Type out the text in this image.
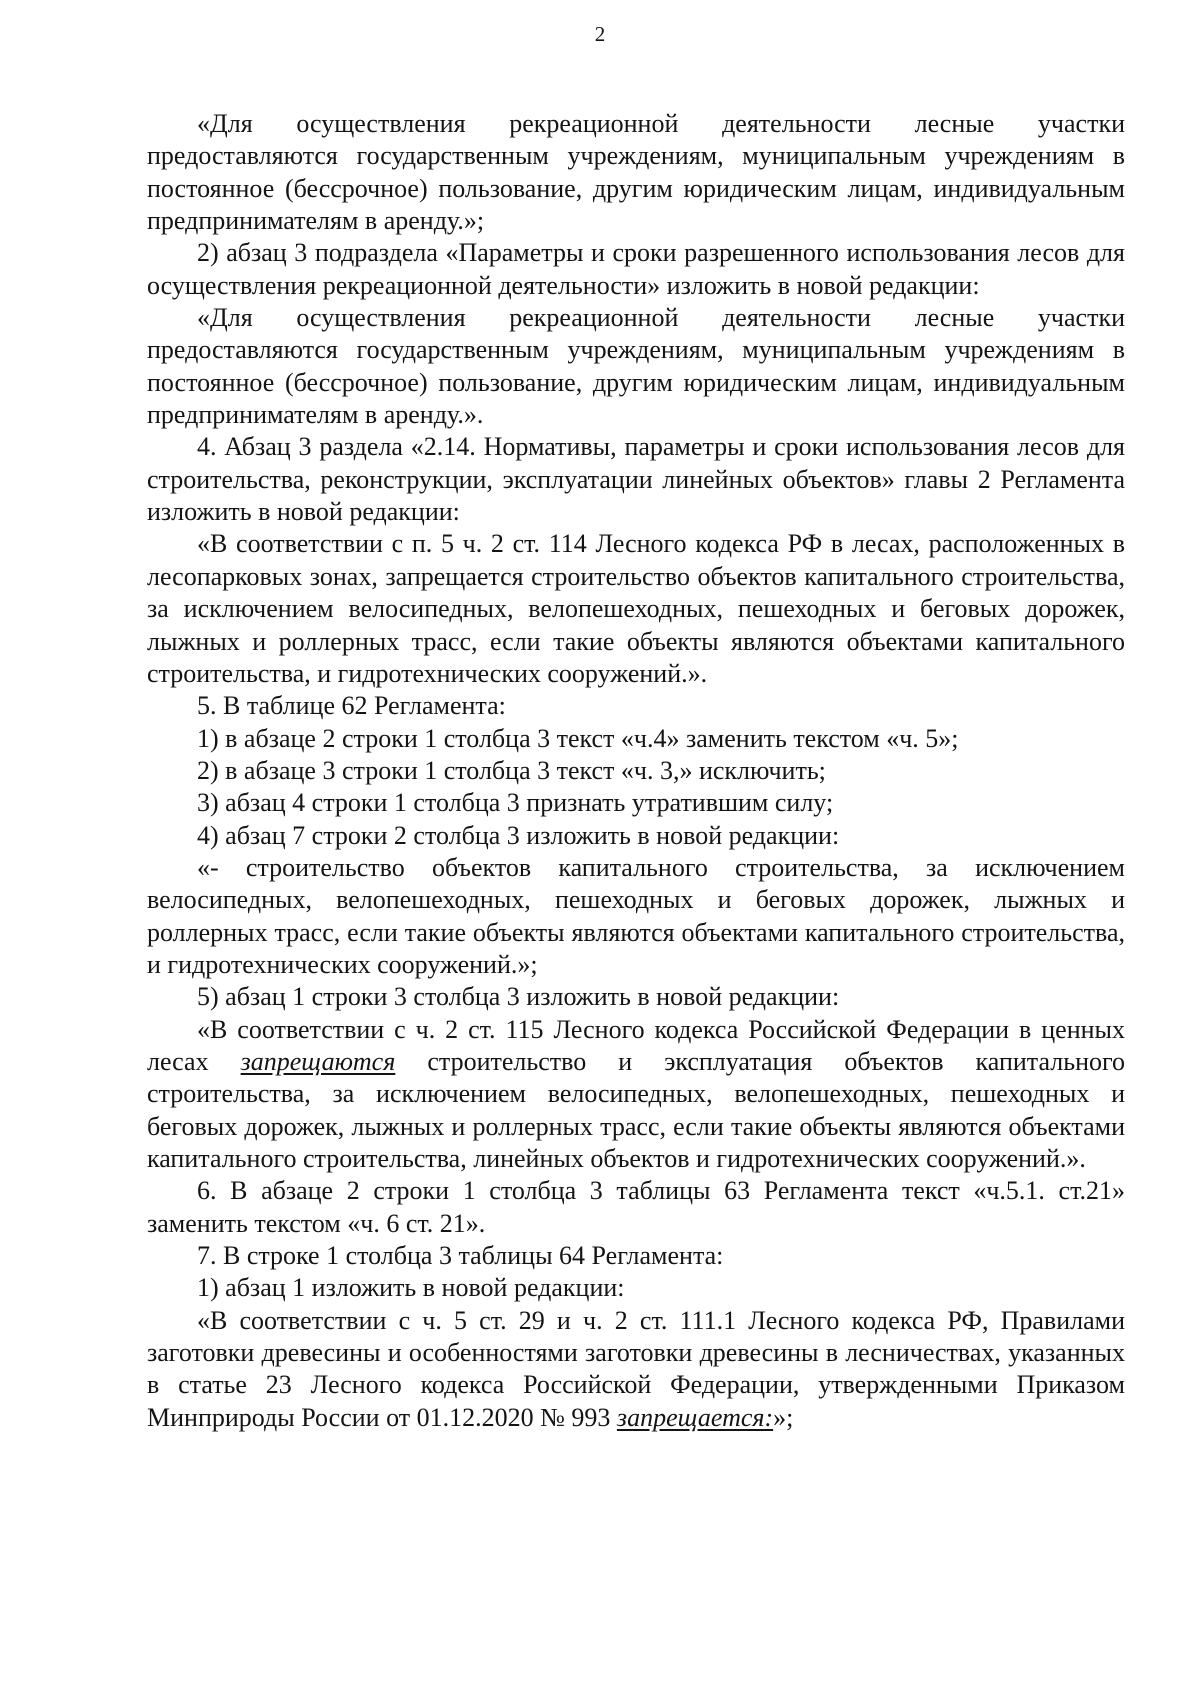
2

«Для осуществления рекреационной деятельности лесные участки предоставляются государственным учреждениям, муниципальным учреждениям в постоянное (бессрочное) пользование, другим юридическим лицам, индивидуальным предпринимателям в аренду.»;

2) абзац 3 подраздела «Параметры и сроки разрешенного использования лесов для осуществления рекреационной деятельности» изложить в новой редакции:

«Для осуществления рекреационной деятельности лесные участки предоставляются государственным учреждениям, муниципальным учреждениям в постоянное (бессрочное) пользование, другим юридическим лицам, индивидуальным предпринимателям в аренду.».

4. Абзац 3 раздела «2.14. Нормативы, параметры и сроки использования лесов для строительства, реконструкции, эксплуатации линейных объектов» главы 2 Регламента изложить в новой редакции:

«В соответствии с п. 5 ч. 2 ст. 114 Лесного кодекса РФ в лесах, расположенных в лесопарковых зонах, запрещается строительство объектов капитального строительства, за исключением велосипедных, велопешеходных, пешеходных и беговых дорожек, лыжных и роллерных трасс, если такие объекты являются объектами капитального строительства, и гидротехнических сооружений.».

5. В таблице 62 Регламента:

1) в абзаце 2 строки 1 столбца 3 текст «ч.4» заменить текстом «ч. 5»;

2) в абзаце 3 строки 1 столбца 3 текст «ч. 3,» исключить;

3) абзац 4 строки 1 столбца 3 признать утратившим силу;

4) абзац 7 строки 2 столбца 3 изложить в новой редакции:

«- строительство объектов капитального строительства, за исключением велосипедных, велопешеходных, пешеходных и беговых дорожек, лыжных и роллерных трасс, если такие объекты являются объектами капитального строительства, и гидротехнических сооружений.»;

5) абзац 1 строки 3 столбца 3 изложить в новой редакции:

«В соответствии с ч. 2 ст. 115 Лесного кодекса Российской Федерации в ценных лесах запрещаются строительство и эксплуатация объектов капитального строительства, за исключением велосипедных, велопешеходных, пешеходных и беговых дорожек, лыжных и роллерных трасс, если такие объекты являются объектами капитального строительства, линейных объектов и гидротехнических сооружений.».

6. В абзаце 2 строки 1 столбца 3 таблицы 63 Регламента текст «ч.5.1. ст.21» заменить текстом «ч. 6 ст. 21».

7. В строке 1 столбца 3 таблицы 64 Регламента:

1) абзац 1 изложить в новой редакции:

«В соответствии с ч. 5 ст. 29 и ч. 2 ст. 111.1 Лесного кодекса РФ, Правилами заготовки древесины и особенностями заготовки древесины в лесничествах, указанных в статье 23 Лесного кодекса Российской Федерации, утвержденными Приказом Минприроды России от 01.12.2020 № 993 запрещается:»;
